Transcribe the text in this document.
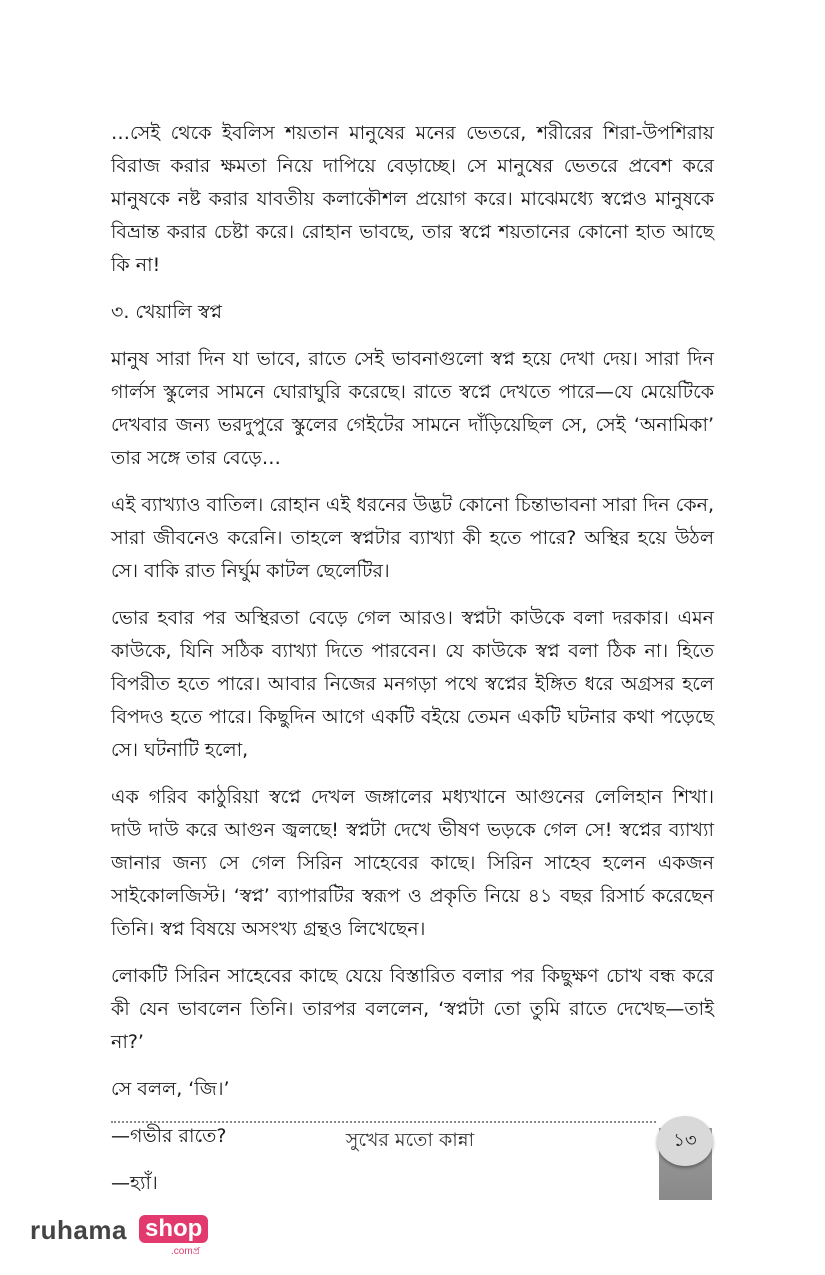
…সেই থেকে ইবলিস শয়তান মানুষের মনের ভেতরে, শরীরের শিরা-উপশিরায় বিরাজ করার ক্ষমতা নিয়ে দাপিয়ে বেড়াচ্ছে। সে মানুষের ভেতরে প্রবেশ করে মানুষকে নষ্ট করার যাবতীয় কলাকৌশল প্রয়োগ করে। মাঝেমধ্যে স্বপ্নেও মানুষকে বিভ্রান্ত করার চেষ্টা করে। রোহান ভাবছে, তার স্বপ্নে শয়তানের কোনো হাত আছে কি না!

৩. খেয়ালি স্বপ্ন

মানুষ সারা দিন যা ভাবে, রাতে সেই ভাবনাগুলো স্বপ্ন হয়ে দেখা দেয়। সারা দিন গার্লস স্কুলের সামনে ঘোরাঘুরি করেছে। রাতে স্বপ্নে দেখতে পারে—যে মেয়েটিকে দেখবার জন্য ভরদুপুরে স্কুলের গেইটের সামনে দাঁড়িয়েছিল সে, সেই ‘অনামিকা’ তার সঙ্গে তার বেড়ে…

এই ব্যাখ্যাও বাতিল। রোহান এই ধরনের উদ্ভট কোনো চিন্তাভাবনা সারা দিন কেন, সারা জীবনেও করেনি। তাহলে স্বপ্নটার ব্যাখ্যা কী হতে পারে? অস্থির হয়ে উঠল সে। বাকি রাত নির্ঘুম কাটল ছেলেটির।

ভোর হবার পর অস্থিরতা বেড়ে গেল আরও। স্বপ্নটা কাউকে বলা দরকার। এমন কাউকে, যিনি সঠিক ব্যাখ্যা দিতে পারবেন। যে কাউকে স্বপ্ন বলা ঠিক না। হিতে বিপরীত হতে পারে। আবার নিজের মনগড়া পথে স্বপ্নের ইঙ্গিত ধরে অগ্রসর হলে বিপদও হতে পারে। কিছুদিন আগে একটি বইয়ে তেমন একটি ঘটনার কথা পড়েছে সে। ঘটনাটি হলো,

এক গরিব কাঠুরিয়া স্বপ্নে দেখল জঙ্গালের মধ্যখানে আগুনের লেলিহান শিখা। দাউ দাউ করে আগুন জ্বলছে! স্বপ্নটা দেখে ভীষণ ভড়কে গেল সে! স্বপ্নের ব্যাখ্যা জানার জন্য সে গেল সিরিন সাহেবের কাছে। সিরিন সাহেব হলেন একজন সাইকোলজিস্ট। ‘স্বপ্ন’ ব্যাপারটির স্বরূপ ও প্রকৃতি নিয়ে ৪১ বছর রিসার্চ করেছেন তিনি। স্বপ্ন বিষয়ে অসংখ্য গ্রন্থও লিখেছেন।

লোকটি সিরিন সাহেবের কাছে যেয়ে বিস্তারিত বলার পর কিছুক্ষণ চোখ বন্ধ করে কী যেন ভাবলেন তিনি। তারপর বললেন, ‘স্বপ্নটা তো তুমি রাতে দেখেছ—তাই না?’

সে বলল, ‘জি।’

—গভীর রাতে?

—হ্যাঁ।

সুখের মতো কান্না	১৩
ruhama shop
.comপ্র
